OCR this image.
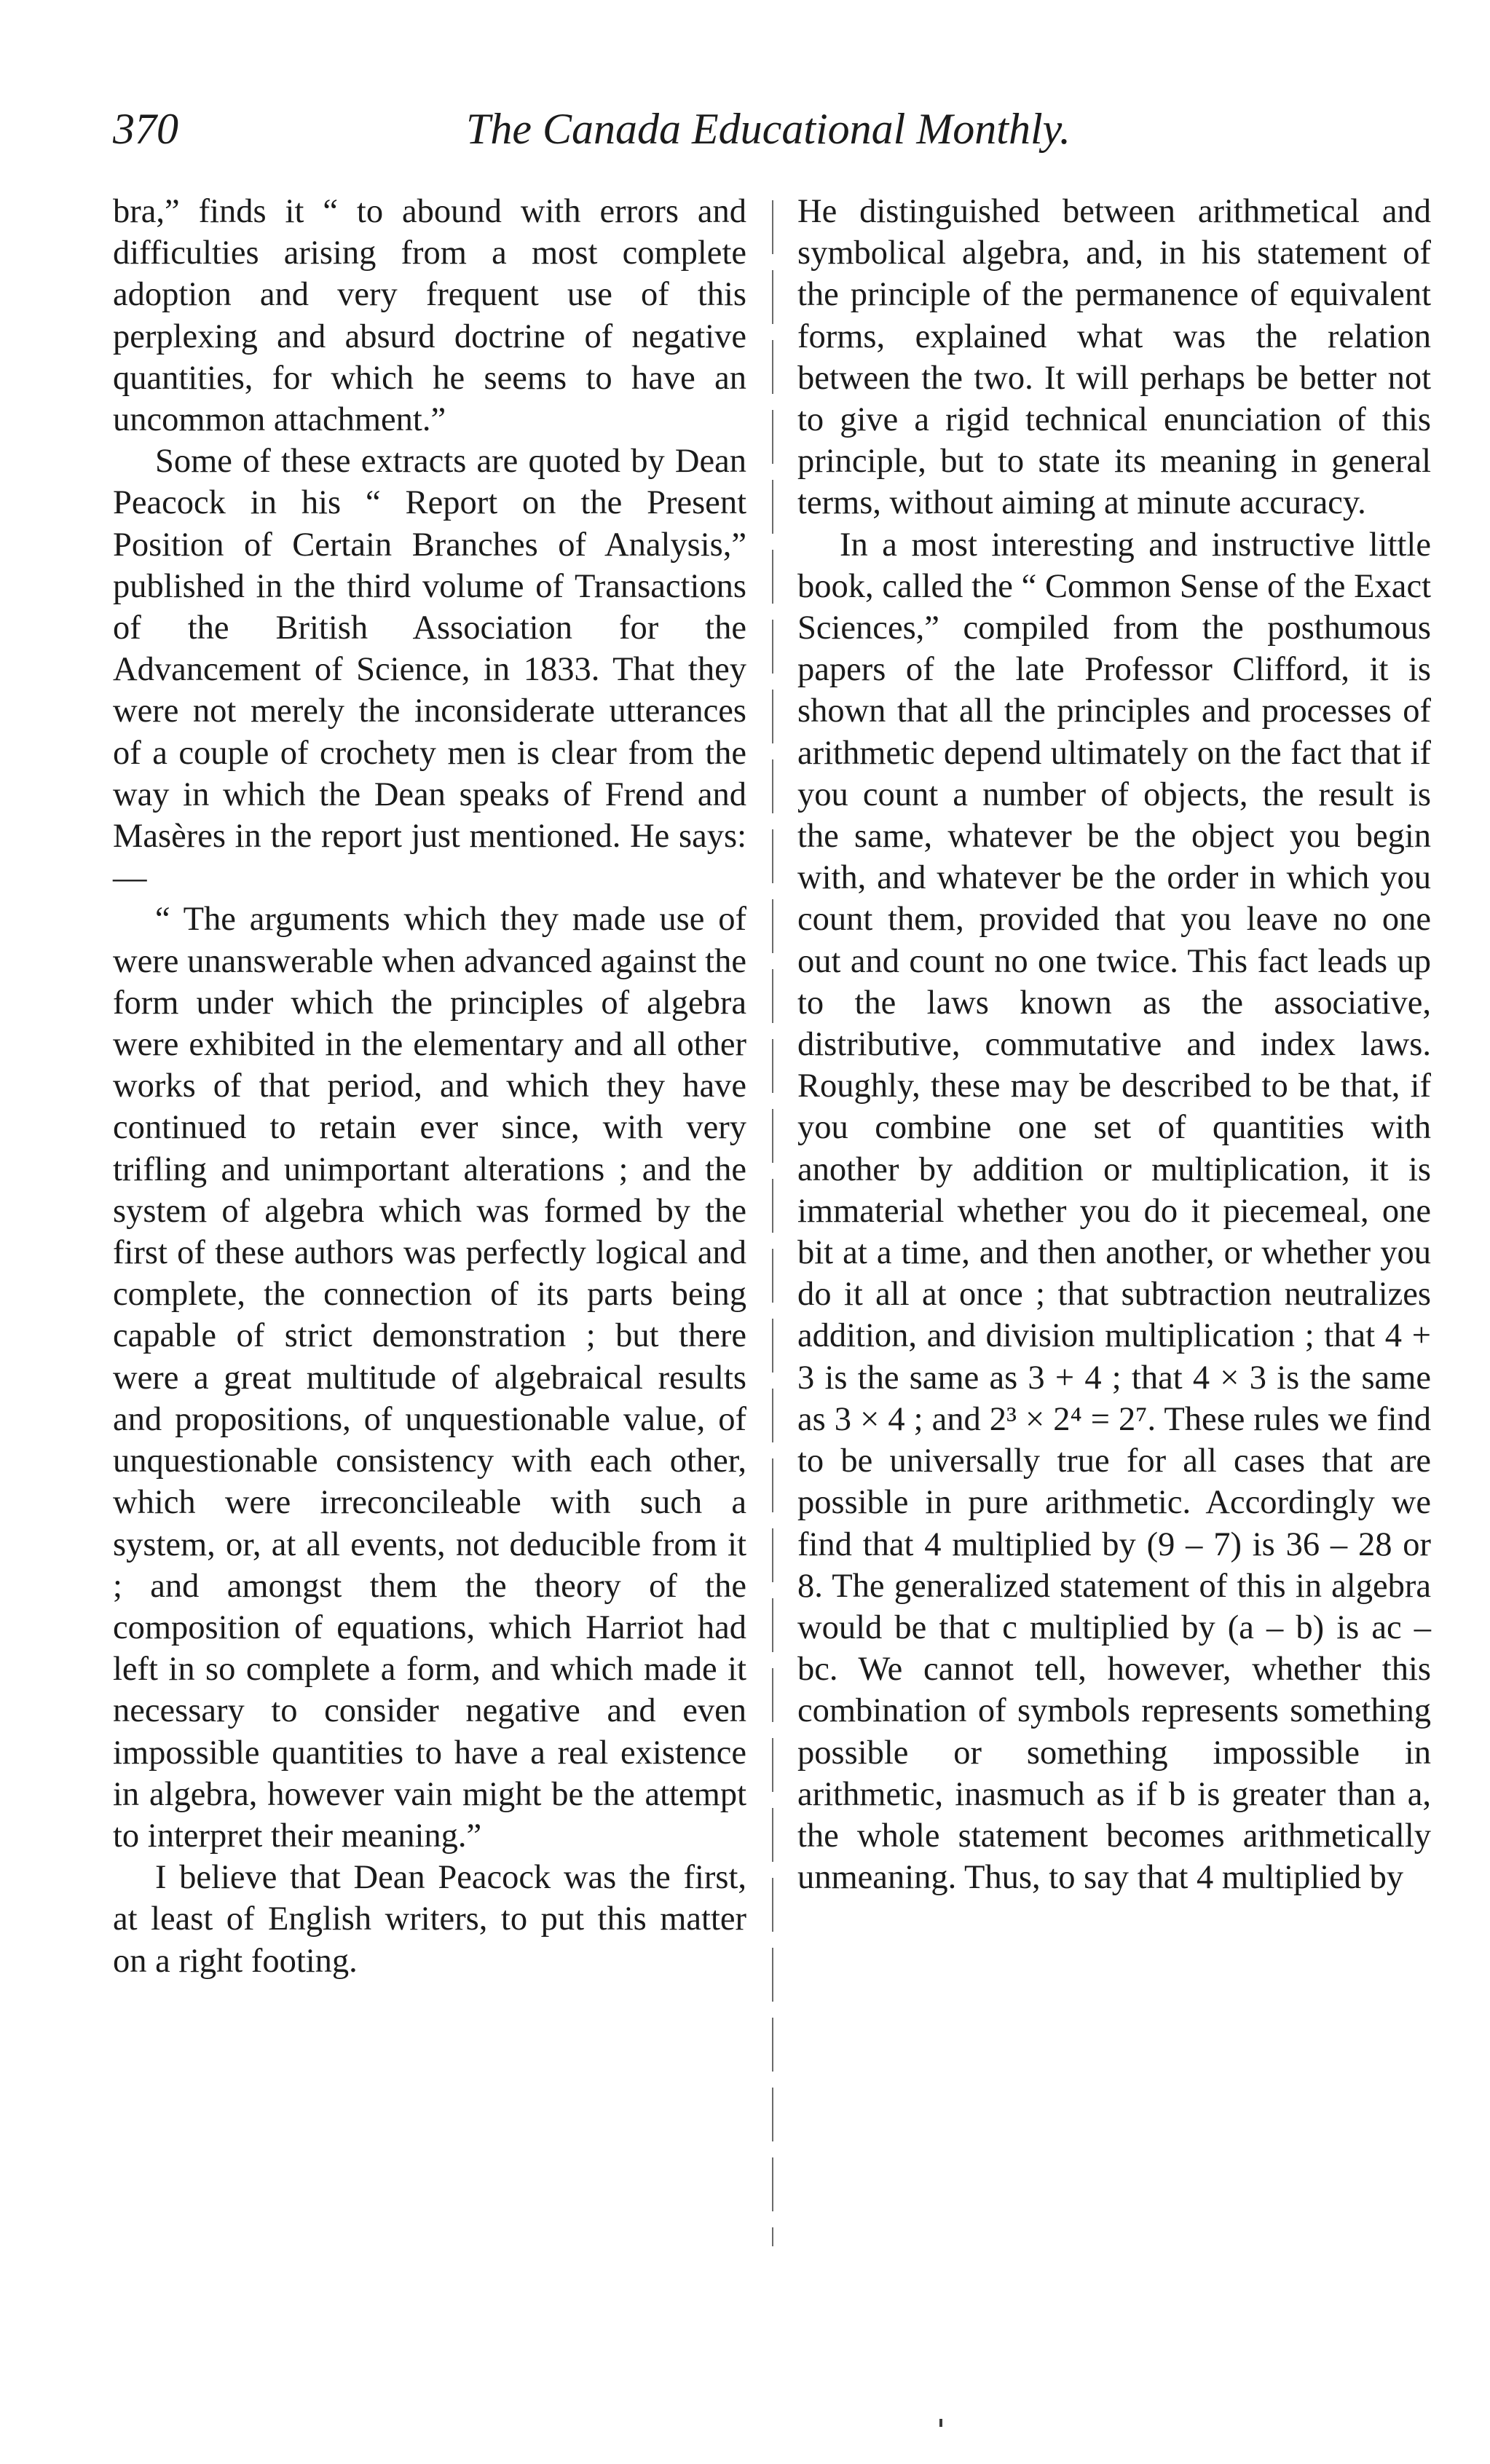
370	The Canada Educational Monthly.

bra,” finds it “ to abound with errors and difficulties arising from a most complete adoption and very frequent use of this perplexing and absurd doctrine of negative quantities, for which he seems to have an uncommon attachment.”

Some of these extracts are quoted by Dean Peacock in his “ Report on the Present Position of Certain Branches of Analysis,” published in the third volume of Transactions of the British Association for the Advancement of Science, in 1833. That they were not merely the inconsiderate utterances of a couple of crochety men is clear from the way in which the Dean speaks of Frend and Masères in the report just mentioned. He says:—

“ The arguments which they made use of were unanswerable when advanced against the form under which the principles of algebra were exhibited in the elementary and all other works of that period, and which they have continued to retain ever since, with very trifling and unimportant alterations ; and the system of algebra which was formed by the first of these authors was perfectly logical and complete, the connection of its parts being capable of strict demonstration ; but there were a great multitude of algebraical results and propositions, of unquestionable value, of unquestionable consistency with each other, which were irreconcileable with such a system, or, at all events, not deducible from it ; and amongst them the theory of the composition of equations, which Harriot had left in so complete a form, and which made it necessary to consider negative and even impossible quantities to have a real existence in algebra, however vain might be the attempt to interpret their meaning.”

I believe that Dean Peacock was the first, at least of English writers, to put this matter on a right footing.

He distinguished between arithmetical and symbolical algebra, and, in his statement of the principle of the permanence of equivalent forms, explained what was the relation between the two. It will perhaps be better not to give a rigid technical enunciation of this principle, but to state its meaning in general terms, without aiming at minute accuracy.

In a most interesting and instructive little book, called the “ Common Sense of the Exact Sciences,” compiled from the posthumous papers of the late Professor Clifford, it is shown that all the principles and processes of arithmetic depend ultimately on the fact that if you count a number of objects, the result is the same, whatever be the object you begin with, and whatever be the order in which you count them, provided that you leave no one out and count no one twice. This fact leads up to the laws known as the associative, distributive, commutative and index laws. Roughly, these may be described to be that, if you combine one set of quantities with another by addition or multiplication, it is immaterial whether you do it piecemeal, one bit at a time, and then another, or whether you do it all at once ; that subtraction neutralizes addition, and division multiplication ; that 4 + 3 is the same as 3 + 4 ; that 4 × 3 is the same as 3 × 4 ; and 2³ × 2⁴ = 2⁷. These rules we find to be universally true for all cases that are possible in pure arithmetic. Accordingly we find that 4 multiplied by (9 – 7) is 36 – 28 or 8. The generalized statement of this in algebra would be that c multiplied by (a – b) is ac – bc. We cannot tell, however, whether this combination of symbols represents something possible or something impossible in arithmetic, inasmuch as if b is greater than a, the whole statement becomes arithmetically unmeaning. Thus, to say that 4 multiplied by
